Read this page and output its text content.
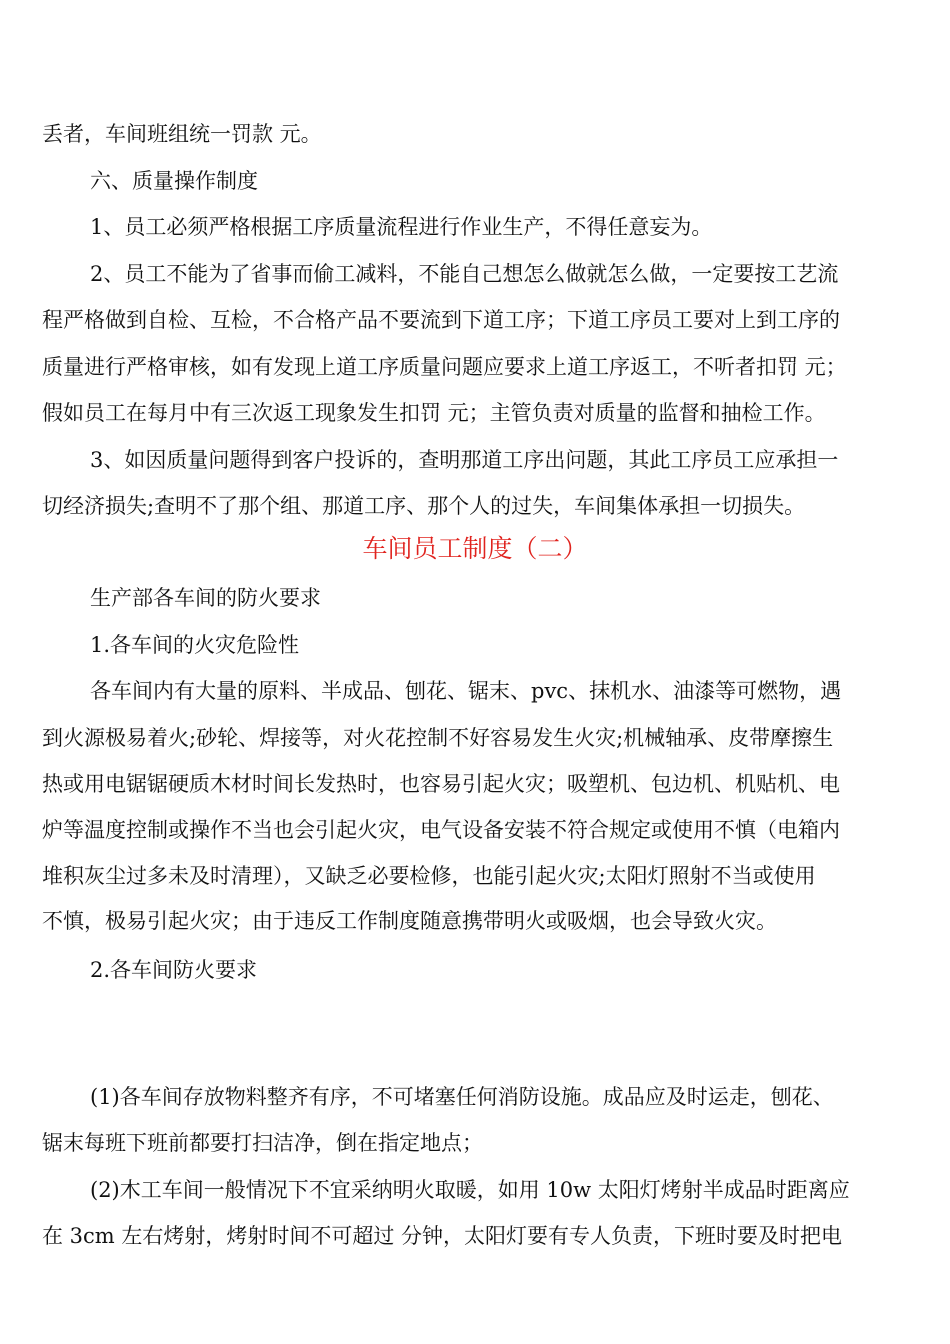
丢者，车间班组统一罚款 元。
六、质量操作制度
1、员工必须严格根据工序质量流程进行作业生产，不得任意妄为。
2、员工不能为了省事而偷工减料，不能自己想怎么做就怎么做，一定要按工艺流
程严格做到自检、互检，不合格产品不要流到下道工序；下道工序员工要对上到工序的
质量进行严格审核，如有发现上道工序质量问题应要求上道工序返工，不听者扣罚 元；
假如员工在每月中有三次返工现象发生扣罚 元；主管负责对质量的监督和抽检工作。
3、如因质量问题得到客户投诉的，查明那道工序出问题，其此工序员工应承担一
切经济损失;查明不了那个组、那道工序、那个人的过失，车间集体承担一切损失。
车间员工制度（二）
生产部各车间的防火要求
1.各车间的火灾危险性
各车间内有大量的原料、半成品、刨花、锯末、pvc、抹机水、油漆等可燃物，遇
到火源极易着火;砂轮、焊接等，对火花控制不好容易发生火灾;机械轴承、皮带摩擦生
热或用电锯锯硬质木材时间长发热时，也容易引起火灾；吸塑机、包边机、机贴机、电
炉等温度控制或操作不当也会引起火灾，电气设备安装不符合规定或使用不慎（电箱内
堆积灰尘过多未及时清理），又缺乏必要检修，也能引起火灾;太阳灯照射不当或使用
不慎，极易引起火灾；由于违反工作制度随意携带明火或吸烟，也会导致火灾。
2.各车间防火要求
(1)各车间存放物料整齐有序，不可堵塞任何消防设施。成品应及时运走，刨花、
锯末每班下班前都要打扫洁净，倒在指定地点；
(2)木工车间一般情况下不宜采纳明火取暖，如用 10w 太阳灯烤射半成品时距离应
在 3cm 左右烤射，烤射时间不可超过 分钟，太阳灯要有专人负责，下班时要及时把电
